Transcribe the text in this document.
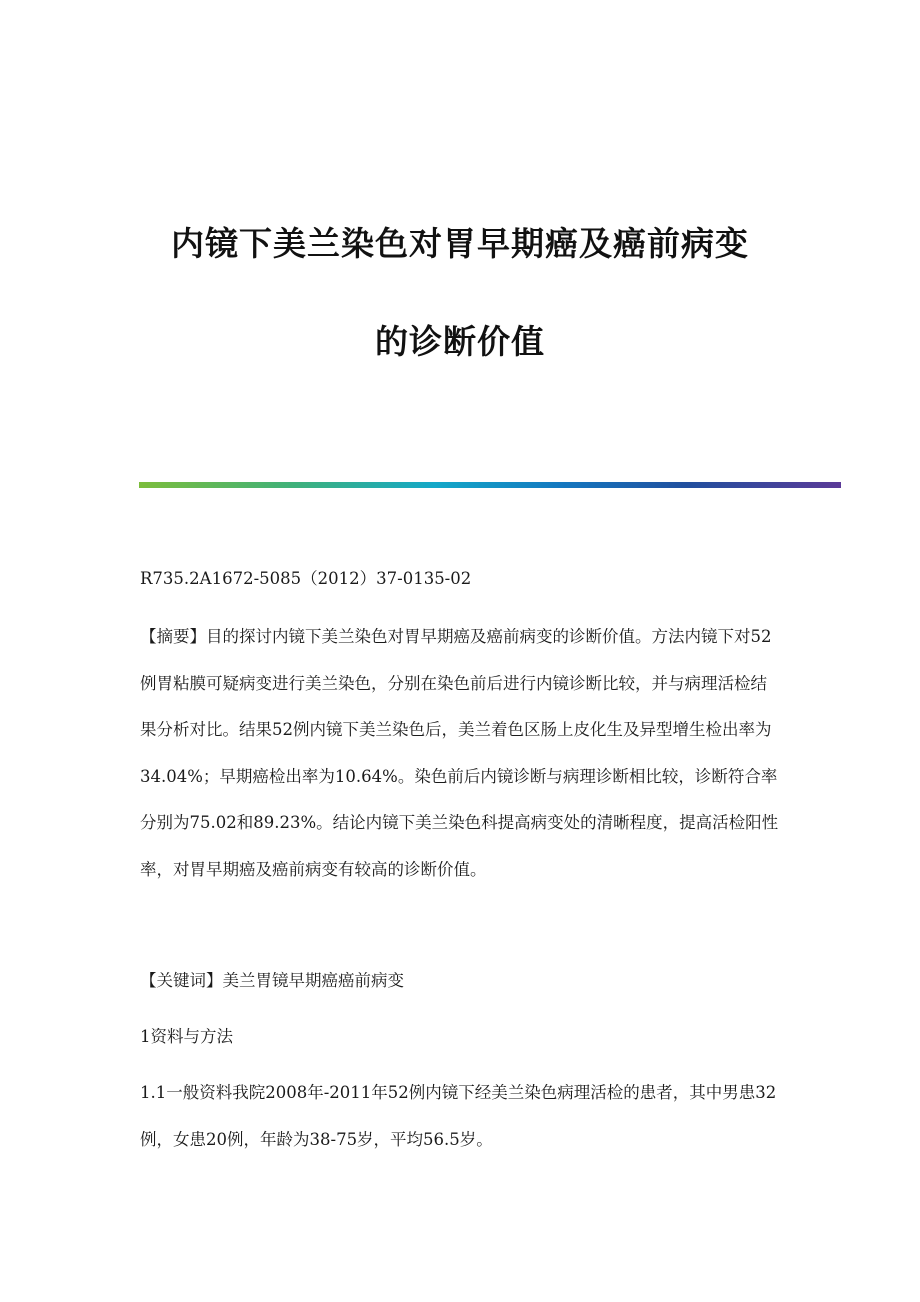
内镜下美兰染色对胃早期癌及癌前病变
的诊断价值

R735.2A1672-5085（2012）37-0135-02

【摘要】目的探讨内镜下美兰染色对胃早期癌及癌前病变的诊断价值。方法内镜下对52例胃粘膜可疑病变进行美兰染色，分别在染色前后进行内镜诊断比较，并与病理活检结果分析对比。结果52例内镜下美兰染色后，美兰着色区肠上皮化生及异型增生检出率为34.04%；早期癌检出率为10.64%。染色前后内镜诊断与病理诊断相比较，诊断符合率分别为75.02和89.23%。结论内镜下美兰染色科提高病变处的清晰程度，提高活检阳性率，对胃早期癌及癌前病变有较高的诊断价值。

【关键词】美兰胃镜早期癌癌前病变

1资料与方法

1.1一般资料我院2008年-2011年52例内镜下经美兰染色病理活检的患者，其中男患32例，女患20例，年龄为38-75岁，平均56.5岁。
